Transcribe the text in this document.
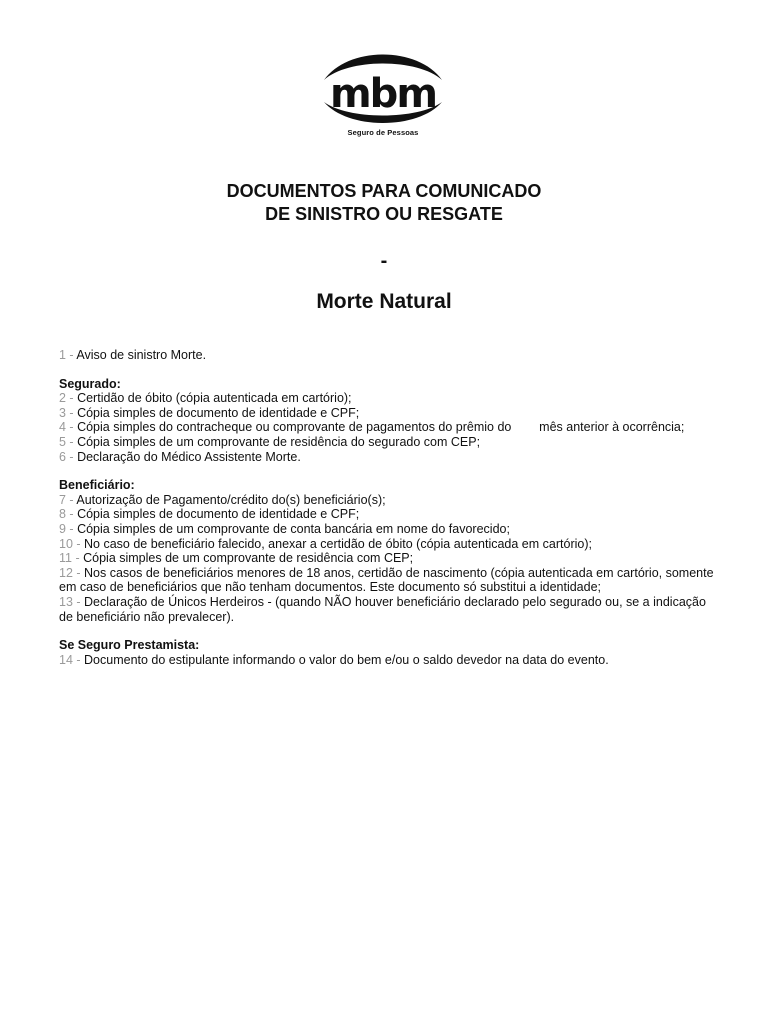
mbm
Seguro de Pessoas
DOCUMENTOS PARA COMUNICADO
DE SINISTRO OU RESGATE

-

Morte Natural

1 - Aviso de sinistro Morte.

Segurado:

2 - Certidão de óbito (cópia autenticada em cartório);

3 - Cópia simples de documento de identidade e CPF;

4 - Cópia simples do contracheque ou comprovante de pagamentos do prêmio do        mês anterior à ocorrência;

5 - Cópia simples de um comprovante de residência do segurado com CEP;

6 - Declaração do Médico Assistente Morte.

Beneficiário:

7 - Autorização de Pagamento/crédito do(s) beneficiário(s);

8 - Cópia simples de documento de identidade e CPF;

9 - Cópia simples de um comprovante de conta bancária em nome do favorecido;

10 - No caso de beneficiário falecido, anexar a certidão de óbito (cópia autenticada em cartório);

11 - Cópia simples de um comprovante de residência com CEP;

12 - Nos casos de beneficiários menores de 18 anos, certidão de nascimento (cópia autenticada em cartório, somente em caso de beneficiários que não tenham documentos. Este documento só substitui a identidade;

13 - Declaração de Únicos Herdeiros - (quando NÃO houver beneficiário declarado pelo segurado ou, se a indicação de beneficiário não prevalecer).

Se Seguro Prestamista:

14 - Documento do estipulante informando o valor do bem e/ou o saldo devedor na data do evento.
